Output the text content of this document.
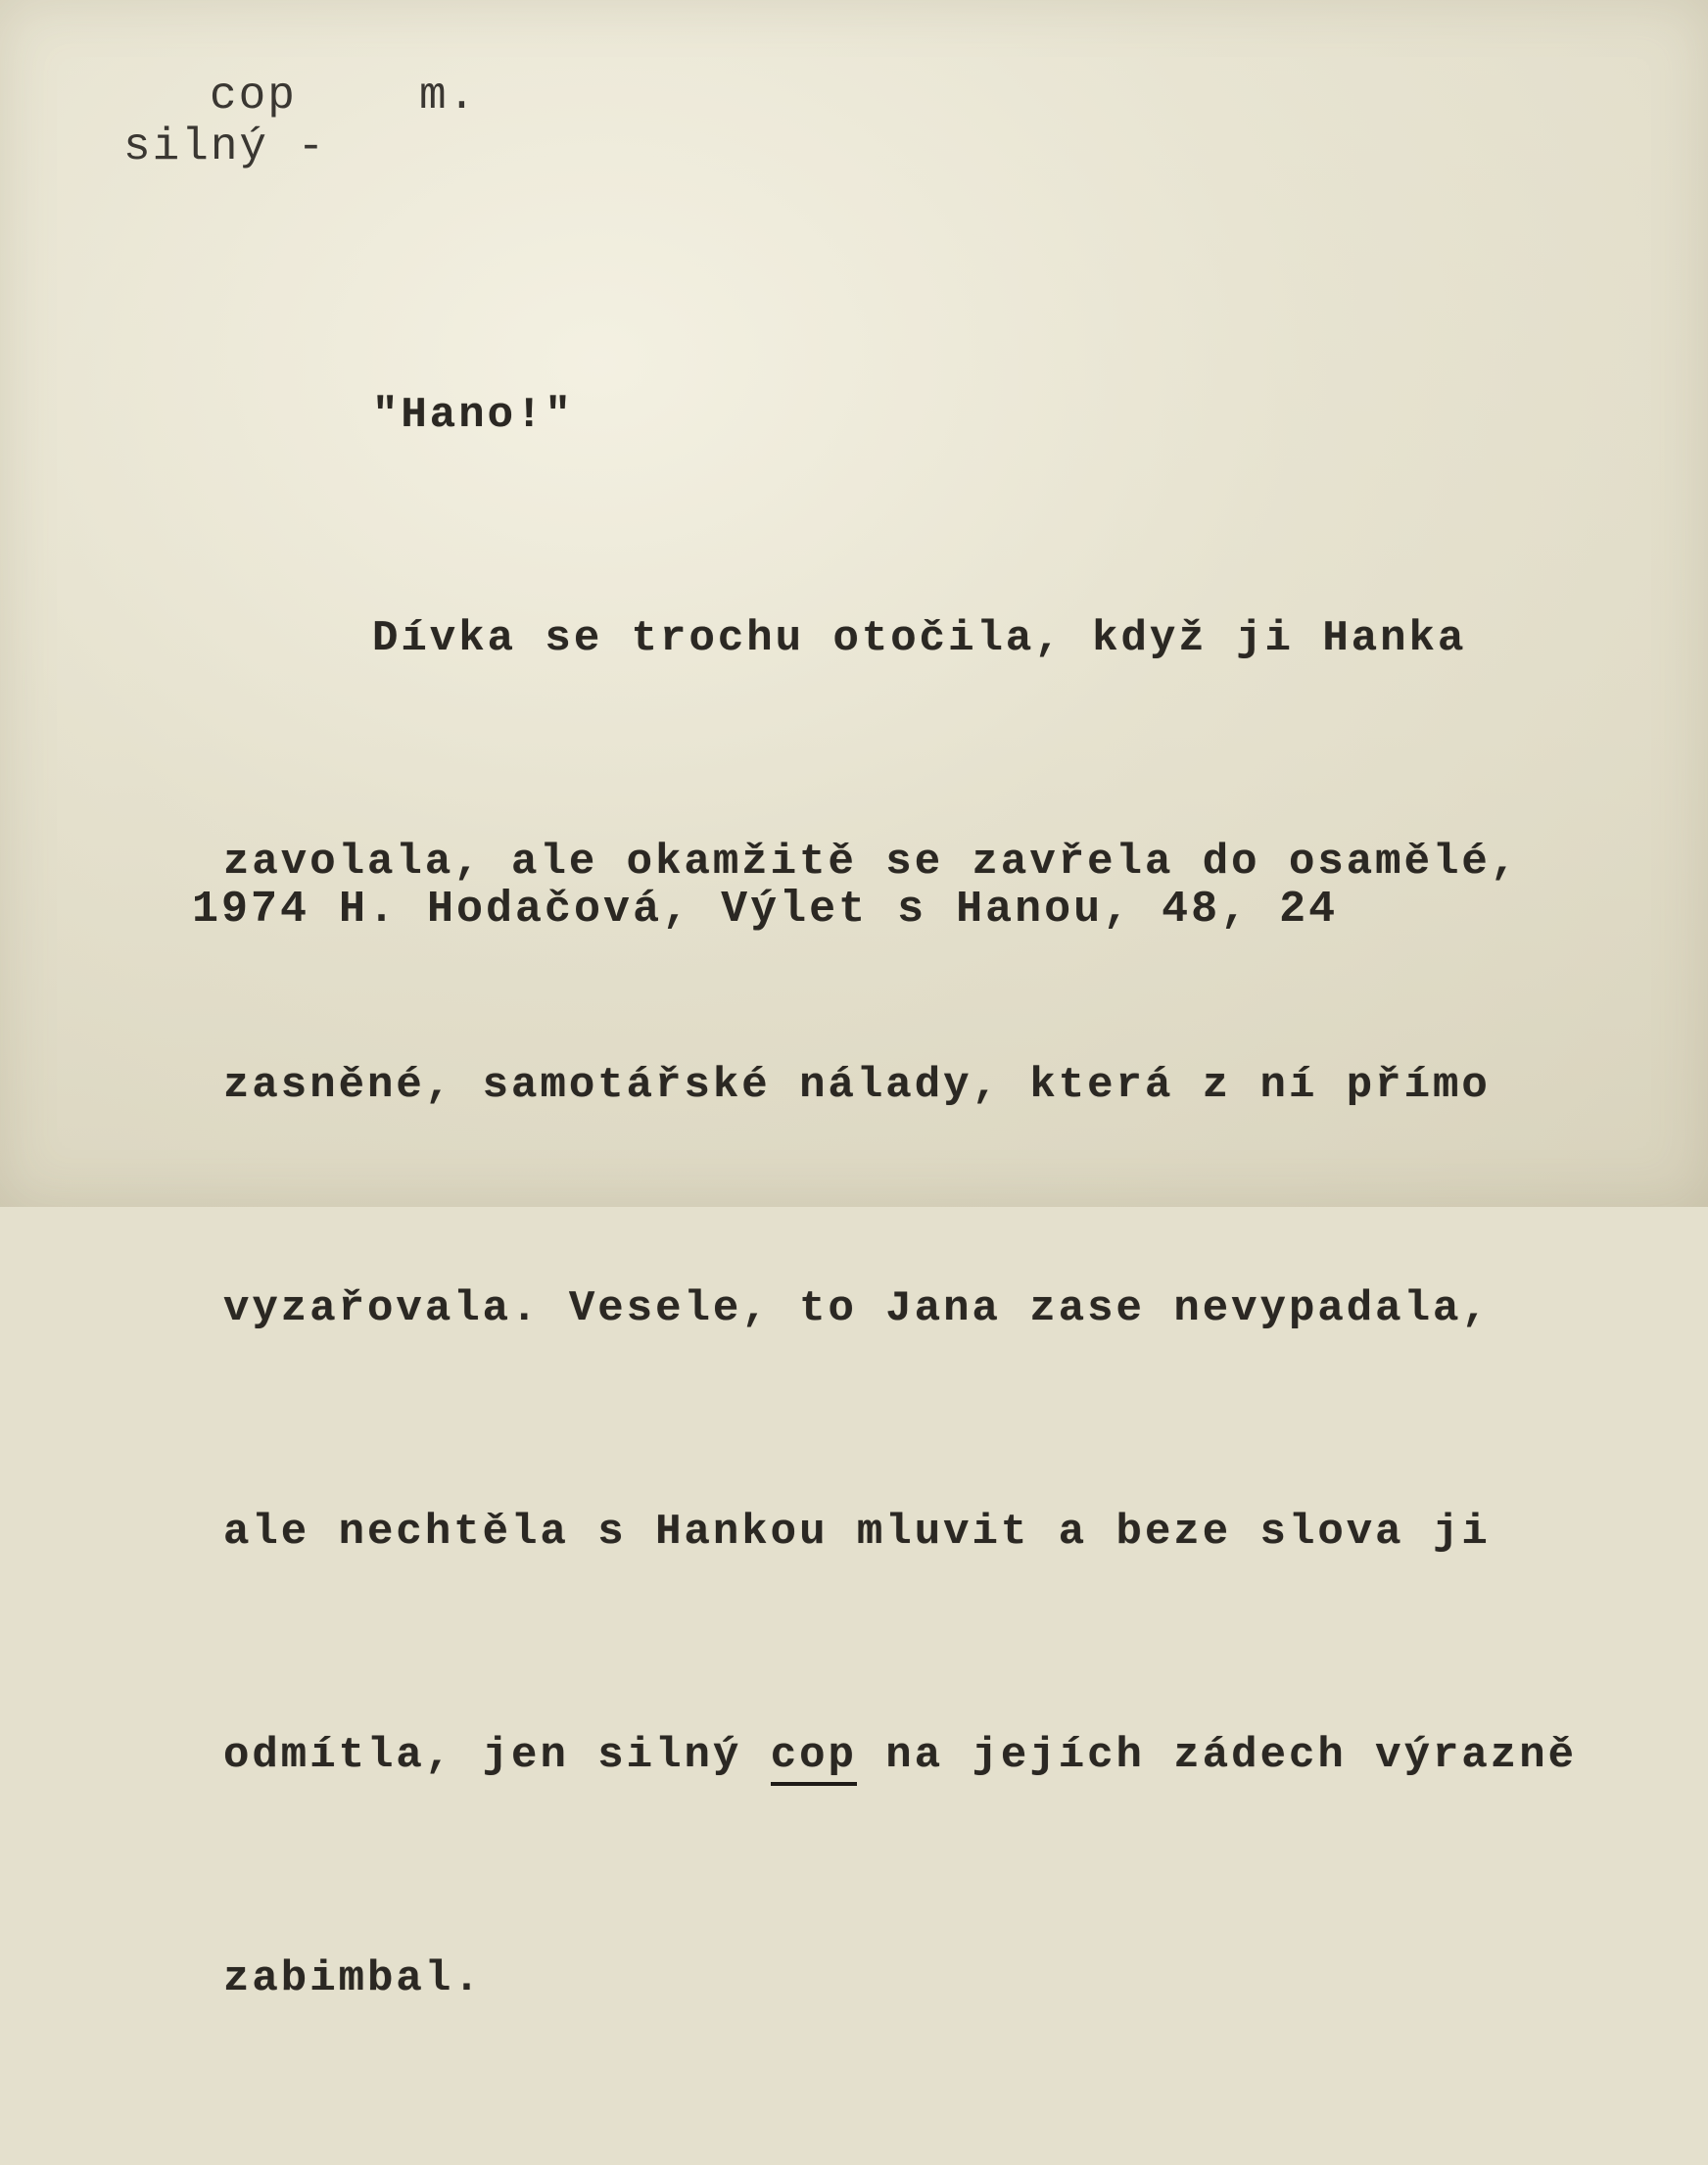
cop	m.
silný -

"Hano!"

Dívka se trochu otočila, když ji Hanka

zavolala, ale okamžitě se zavřela do osamělé,

zasněné, samotářské nálady, která z ní přímo

vyzařovala. Vesele, to Jana zase nevypadala,

ale nechtěla s Hankou mluvit a beze slova ji

odmítla, jen silný cop na jejích zádech výrazně

zabimbal.

1974 H. Hodačová, Výlet s Hanou, 48, 24
